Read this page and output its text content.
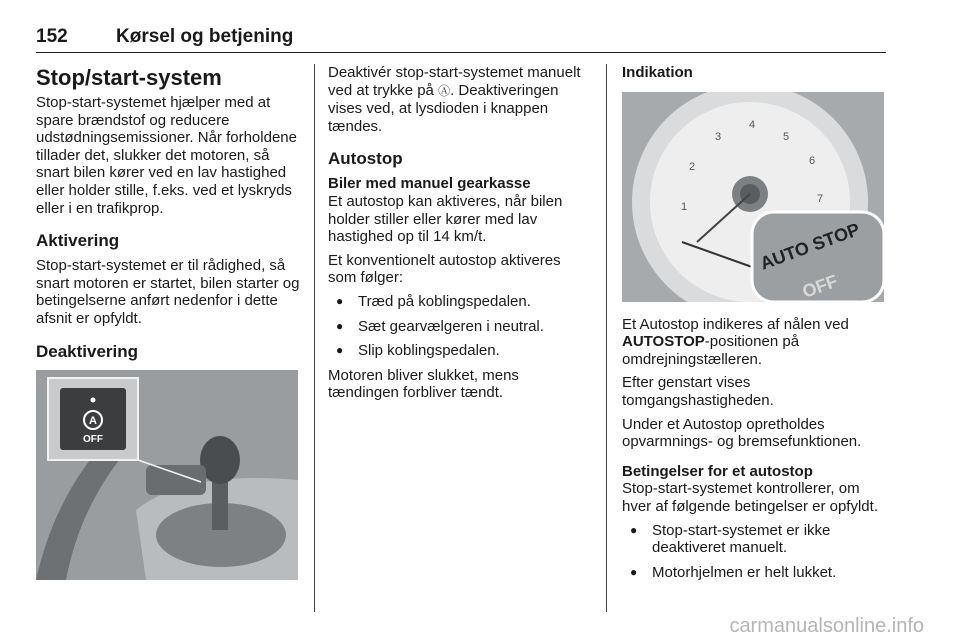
152	Kørsel og betjening
Stop/start-system

Stop-start-systemet hjælper med at spare brændstof og reducere udstødningsemissioner. Når forholdene tillader det, slukker det motoren, så snart bilen kører ved en lav hastighed eller holder stille, f.eks. ved et lyskryds eller i en trafikprop.

Aktivering

Stop-start-systemet er til rådighed, så snart motoren er startet, bilen starter og betingelserne anført nedenfor i dette afsnit er opfyldt.

Deaktivering
A
OFF

Deaktivér stop-start-systemet manuelt ved at trykke på Ⓐ. Deaktiveringen vises ved, at lysdioden i knappen tændes.

Autostop
Biler med manuel gearkasse

Et autostop kan aktiveres, når bilen holder stiller eller kører med lav hastighed op til 14 km/t.

Et konventionelt autostop aktiveres som følger:

● Træd på koblingspedalen.
● Sæt gearvælgeren i neutral.
● Slip koblingspedalen.

Motoren bliver slukket, mens tændingen forbliver tændt.

Indikation
1
2
3
4
5
6
7
AUTO STOP
OFF

Et Autostop indikeres af nålen ved AUTOSTOP-positionen på omdrejningstælleren.

Efter genstart vises tomgangshastigheden.

Under et Autostop opretholdes opvarmnings- og bremsefunktionen.

Betingelser for et autostop

Stop-start-systemet kontrollerer, om hver af følgende betingelser er opfyldt.

● Stop-start-systemet er ikke deaktiveret manuelt.
● Motorhjelmen er helt lukket.
carmanualsonline.info
